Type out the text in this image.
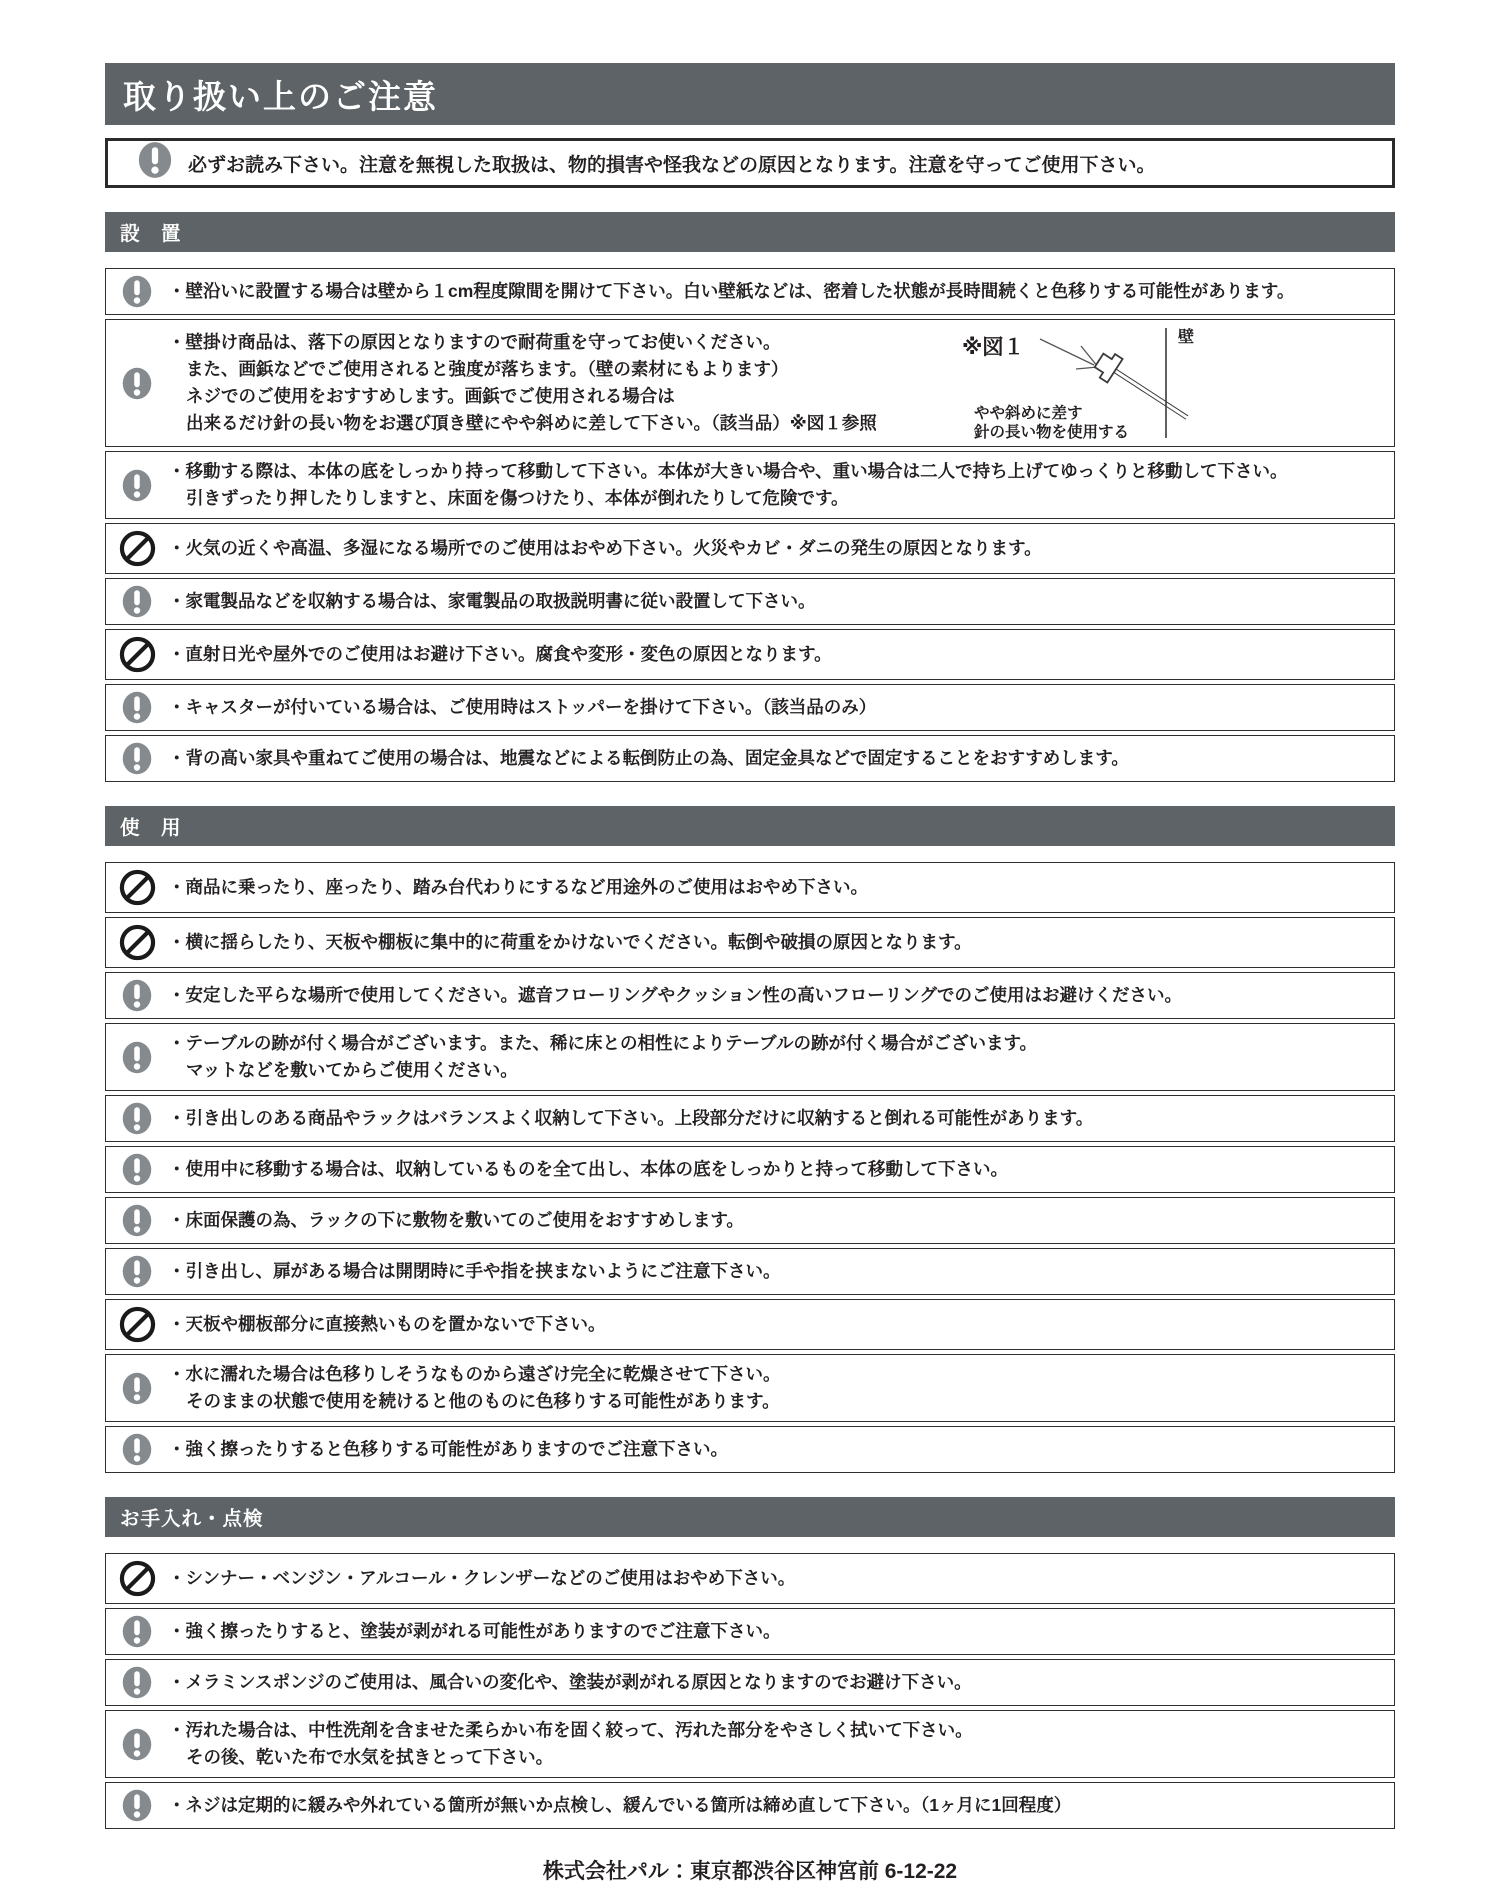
取り扱い上のご注意
必ずお読み下さい。注意を無視した取扱は、物的損害や怪我などの原因となります。注意を守ってご使用下さい。
設　置
・壁沿いに設置する場合は壁から１cm程度隙間を開けて下さい。白い壁紙などは、密着した状態が長時間続くと色移りする可能性があります。
・壁掛け商品は、落下の原因となりますので耐荷重を守ってお使いください。
また、画鋲などでご使用されると強度が落ちます。（壁の素材にもよります）
ネジでのご使用をおすすめします。画鋲でご使用される場合は
出来るだけ針の長い物をお選び頂き壁にやや斜めに差して下さい。（該当品）※図１参照
※図１	壁
やや斜めに差す
針の長い物を使用する
・移動する際は、本体の底をしっかり持って移動して下さい。本体が大きい場合や、重い場合は二人で持ち上げてゆっくりと移動して下さい。
引きずったり押したりしますと、床面を傷つけたり、本体が倒れたりして危険です。
・火気の近くや高温、多湿になる場所でのご使用はおやめ下さい。火災やカビ・ダニの発生の原因となります。
・家電製品などを収納する場合は、家電製品の取扱説明書に従い設置して下さい。
・直射日光や屋外でのご使用はお避け下さい。腐食や変形・変色の原因となります。
・キャスターが付いている場合は、ご使用時はストッパーを掛けて下さい。（該当品のみ）
・背の高い家具や重ねてご使用の場合は、地震などによる転倒防止の為、固定金具などで固定することをおすすめします。
使　用
・商品に乗ったり、座ったり、踏み台代わりにするなど用途外のご使用はおやめ下さい。
・横に揺らしたり、天板や棚板に集中的に荷重をかけないでください。転倒や破損の原因となります。
・安定した平らな場所で使用してください。遮音フローリングやクッション性の高いフローリングでのご使用はお避けください。
・テーブルの跡が付く場合がございます。また、稀に床との相性によりテーブルの跡が付く場合がございます。
マットなどを敷いてからご使用ください。
・引き出しのある商品やラックはバランスよく収納して下さい。上段部分だけに収納すると倒れる可能性があります。
・使用中に移動する場合は、収納しているものを全て出し、本体の底をしっかりと持って移動して下さい。
・床面保護の為、ラックの下に敷物を敷いてのご使用をおすすめします。
・引き出し、扉がある場合は開閉時に手や指を挟まないようにご注意下さい。
・天板や棚板部分に直接熱いものを置かないで下さい。
・水に濡れた場合は色移りしそうなものから遠ざけ完全に乾燥させて下さい。
そのままの状態で使用を続けると他のものに色移りする可能性があります。
・強く擦ったりすると色移りする可能性がありますのでご注意下さい。
お手入れ・点検
・シンナー・ベンジン・アルコール・クレンザーなどのご使用はおやめ下さい。
・強く擦ったりすると、塗装が剥がれる可能性がありますのでご注意下さい。
・メラミンスポンジのご使用は、風合いの変化や、塗装が剥がれる原因となりますのでお避け下さい。
・汚れた場合は、中性洗剤を含ませた柔らかい布を固く絞って、汚れた部分をやさしく拭いて下さい。
その後、乾いた布で水気を拭きとって下さい。
・ネジは定期的に緩みや外れている箇所が無いか点検し、緩んでいる箇所は締め直して下さい。（1ヶ月に1回程度）
株式会社パル：東京都渋谷区神宮前 6-12-22
